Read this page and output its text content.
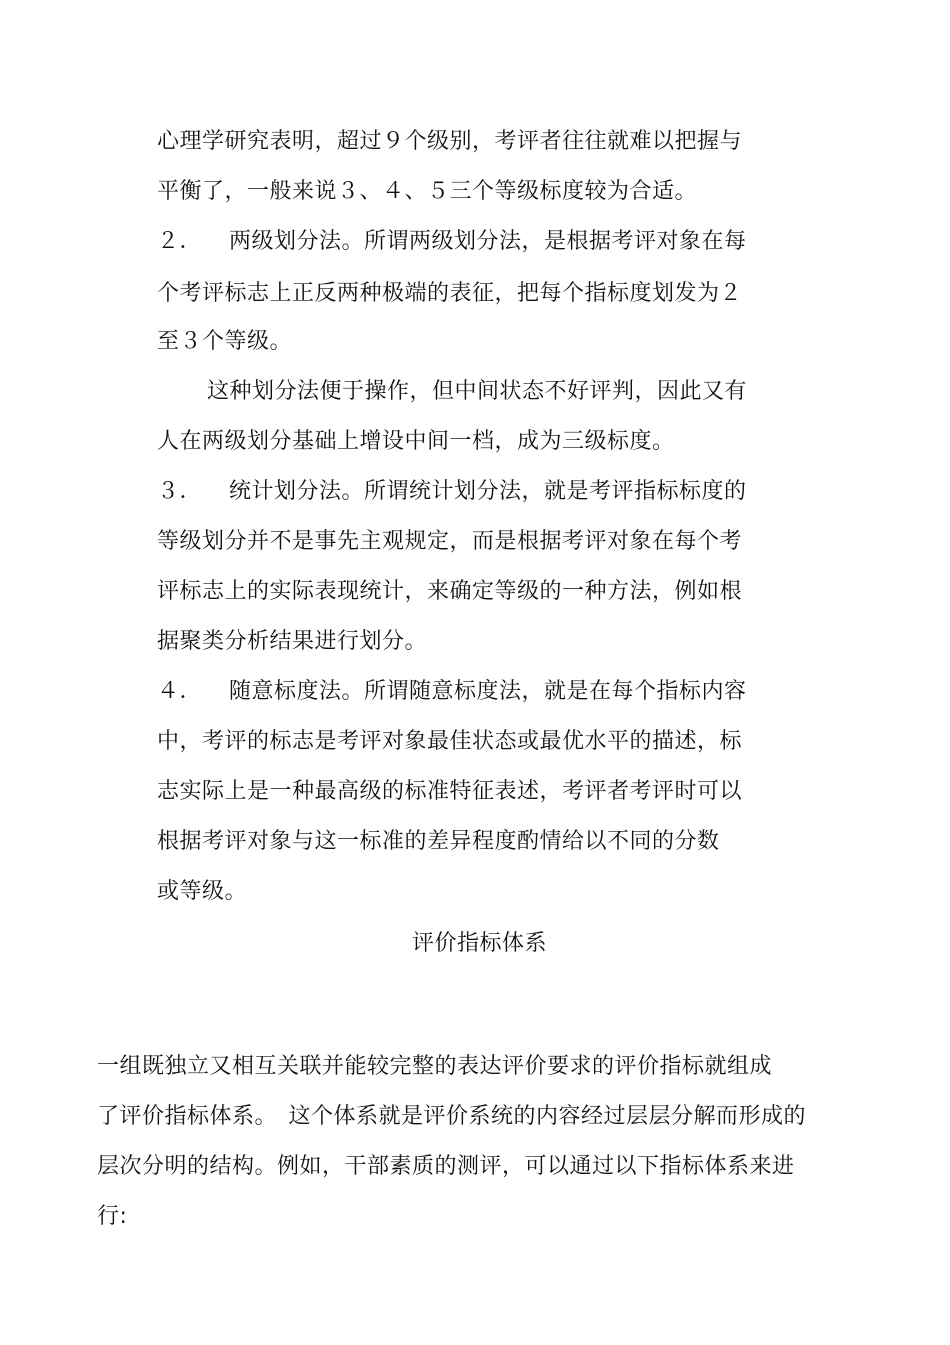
心理学研究表明，超过９个级别，考评者往往就难以把握与
平衡了，一般来说３、４、５三个等级标度较为合适。
２． 两级划分法。所谓两级划分法，是根据考评对象在每
个考评标志上正反两种极端的表征，把每个指标度划发为２
至３个等级。
这种划分法便于操作，但中间状态不好评判，因此又有
人在两级划分基础上增设中间一档，成为三级标度。
３． 统计划分法。所谓统计划分法，就是考评指标标度的
等级划分并不是事先主观规定，而是根据考评对象在每个考
评标志上的实际表现统计，来确定等级的一种方法，例如根
据聚类分析结果进行划分。
４． 随意标度法。所谓随意标度法，就是在每个指标内容
中，考评的标志是考评对象最佳状态或最优水平的描述，标
志实际上是一种最高级的标准特征表述，考评者考评时可以
根据考评对象与这一标准的差异程度酌情给以不同的分数
或等级。
评价指标体系
一组既独立又相互关联并能较完整的表达评价要求的评价指标就组成
了评价指标体系。　这个体系就是评价系统的内容经过层层分解而形成的
层次分明的结构。例如，干部素质的测评，可以通过以下指标体系来进
行:
